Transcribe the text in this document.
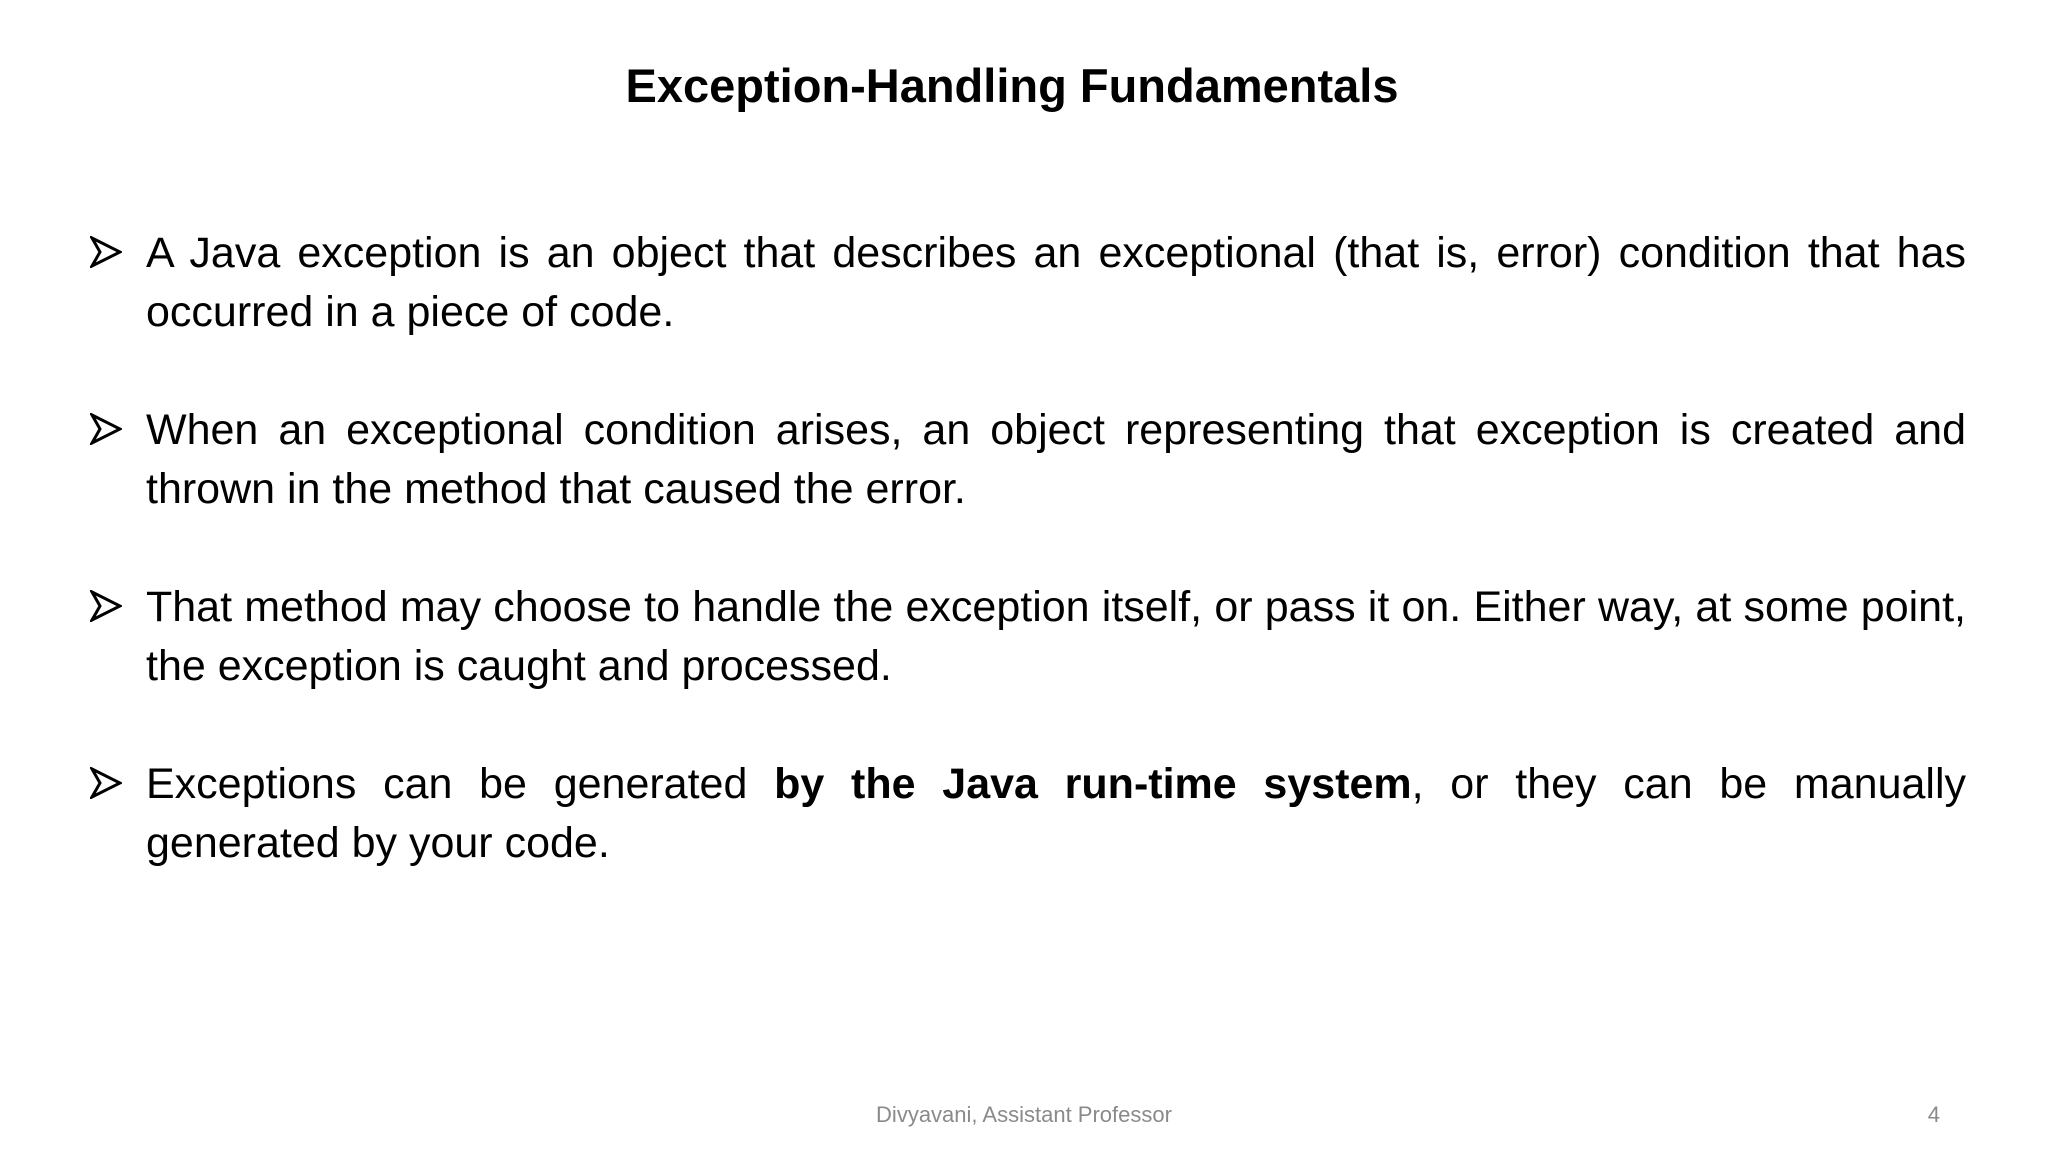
Exception-Handling Fundamentals
A Java exception is an object that describes an exceptional (that is, error) condition that has occurred in a piece of code.
When an exceptional condition arises, an object representing that exception is created and thrown in the method that caused the error.
That method may choose to handle the exception itself, or pass it on. Either way, at some point, the exception is caught and processed.
Exceptions can be generated by the Java run-time system, or they can be manually generated by your code.
Divyavani, Assistant Professor	4
